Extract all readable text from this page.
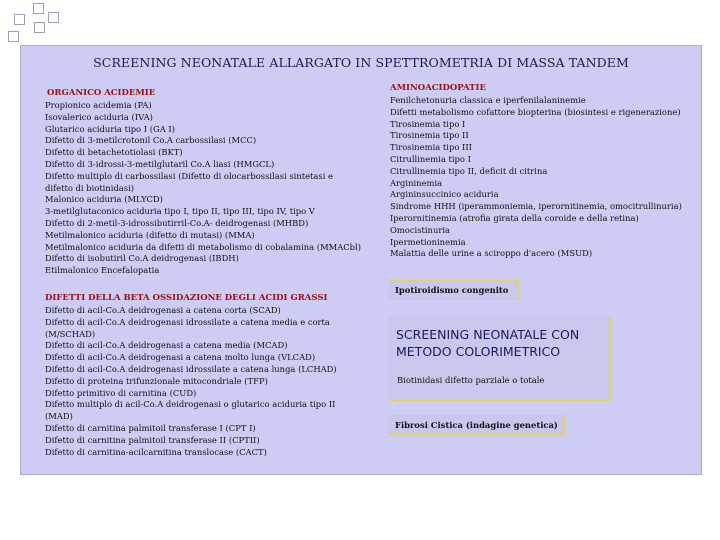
SCREENING NEONATALE ALLARGATO IN SPETTROMETRIA DI MASSA TANDEM
ORGANICO ACIDEMIE
Propionico acidemia (PA)
Isovalerico aciduria (IVA)
Glutarico aciduria tipo I (GA I)
Difetto di 3-metilcrotonil Co.A carbossilasi (MCC)
Difetto di betachetotiolasi (BKT)
Difetto di 3-idrossi-3-metilglutaril Co.A liasi (HMGCL)
Difetto multiplo di carbossilasi (Difetto di olocarbossilasi sintetasi e difetto di biotinidasi)
Malonico aciduria (MLYCD)
3-metilglutaconico aciduria tipo I, tipo II, tipo III, tipo IV, tipo V
Difetto di 2-metil-3-idrossibutirril-Co.A- deidrogenasi (MHBD)
Metilmalonico aciduria (difetto di mutasi) (MMA)
Metilmalonico aciduria da difetti di metabolismo di cobalamina (MMACbl)
Difetto di isobutiril Co.A deidrogenasi (IBDH)
Etilmalonico Encefalopatia
DIFETTI DELLA BETA OSSIDAZIONE DEGLI ACIDI GRASSI
Difetto di acil-Co.A deidrogenasi a catena corta (SCAD)
Difetto di acil-Co.A deidrogenasi idrossilate a catena media e corta (M/SCHAD)
Difetto di acil-Co.A deidrogenasi a catena media (MCAD)
Difetto di acil-Co.A deidrogenasi a catena molto lunga (VLCAD)
Difetto di acil-Co.A deidrogenasi idrossilate a catena lunga (LCHAD)
Difetto di proteina trifunzionale mitocondriale (TFP)
Difetto primitivo di carnitina (CUD)
Difetto multiplo di acil-Co.A deidrogenasi o glutarico aciduria tipo II (MAD)
Difetto di carnitina palmitoil transferase I (CPT I)
Difetto di carnitina palmitoil transferase II (CPTII)
Difetto di carnitina-acilcarnitina translocase (CACT)
AMINOACIDOPATIE
Fenilchetonuria classica e iperfenilalaninemie
Difetti metabolismo cofattore biopterina (biosintesi e rigenerazione)
Tirosinemia tipo I
Tirosinemia tipo II
Tirosinemia tipo III
Citrullinemia tipo I
Citrullinemia tipo II, deficit di citrina
Argininemia
Argininsuccinico aciduria
Sindrome HHH (iperammoniemia, iperornitinemia, omocitrullinuria)
Iperornitinemia (atrofia girata della coroide e della retina)
Omocistinuria
Ipermetioninemia
Malattia delle urine a sciroppo d'acero (MSUD)
Ipotiroidismo congenito
SCREENING NEONATALE CON METODO COLORIMETRICO
Biotinidasi difetto parziale o totale
Fibrosi Cistica (indagine genetica)
